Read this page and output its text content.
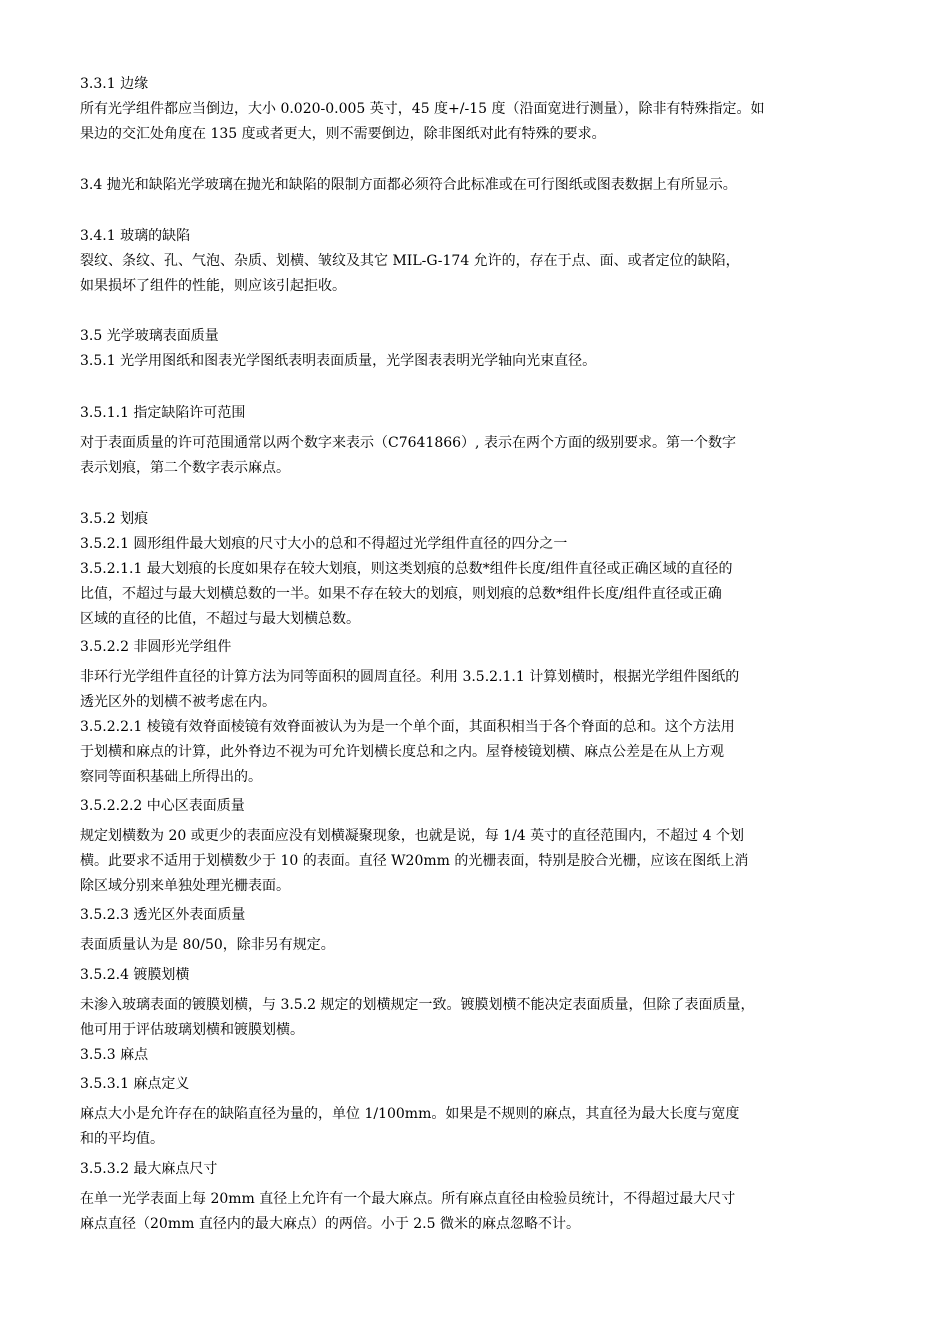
3.3.1 边缘
所有光学组件都应当倒边，大小 0.020-0.005 英寸，45 度+/-15 度（沿面宽进行测量），除非有特殊指定。如
果边的交汇处角度在 135 度或者更大，则不需要倒边，除非图纸对此有特殊的要求。
3.4 抛光和缺陷光学玻璃在抛光和缺陷的限制方面都必须符合此标准或在可行图纸或图表数据上有所显示。
3.4.1 玻璃的缺陷
裂纹、条纹、孔、气泡、杂质、划横、皱纹及其它 MIL-G-174 允许的，存在于点、面、或者定位的缺陷，
如果损坏了组件的性能，则应该引起拒收。
3.5 光学玻璃表面质量
3.5.1 光学用图纸和图表光学图纸表明表面质量，光学图表表明光学轴向光束直径。
3.5.1.1 指定缺陷许可范围
对于表面质量的许可范围通常以两个数字来表示（C7641866）, 表示在两个方面的级别要求。第一个数字
表示划痕，第二个数字表示麻点。
3.5.2 划痕
3.5.2.1 圆形组件最大划痕的尺寸大小的总和不得超过光学组件直径的四分之一
3.5.2.1.1 最大划痕的长度如果存在较大划痕，则这类划痕的总数*组件长度/组件直径或正确区域的直径的
比值，不超过与最大划横总数的一半。如果不存在较大的划痕，则划痕的总数*组件长度/组件直径或正确
区域的直径的比值，不超过与最大划横总数。
3.5.2.2 非圆形光学组件
非环行光学组件直径的计算方法为同等面积的圆周直径。利用 3.5.2.1.1 计算划横时，根据光学组件图纸的
透光区外的划横不被考虑在内。
3.5.2.2.1 棱镜有效脊面棱镜有效脊面被认为为是一个单个面，其面积相当于各个脊面的总和。这个方法用
于划横和麻点的计算，此外脊边不视为可允许划横长度总和之内。屋脊棱镜划横、麻点公差是在从上方观
察同等面积基础上所得出的。
3.5.2.2.2 中心区表面质量
规定划横数为 20 或更少的表面应没有划横凝聚现象，也就是说，每 1/4 英寸的直径范围内，不超过 4 个划
横。此要求不适用于划横数少于 10 的表面。直径 W20mm 的光栅表面，特别是胶合光栅，应该在图纸上消
除区域分别来单独处理光栅表面。
3.5.2.3 透光区外表面质量
表面质量认为是 80/50，除非另有规定。
3.5.2.4 镀膜划横
未渗入玻璃表面的镀膜划横，与 3.5.2 规定的划横规定一致。镀膜划横不能决定表面质量，但除了表面质量，
他可用于评估玻璃划横和镀膜划横。
3.5.3 麻点
3.5.3.1 麻点定义
麻点大小是允许存在的缺陷直径为量的，单位 1/100mm。如果是不规则的麻点，其直径为最大长度与宽度
和的平均值。
3.5.3.2 最大麻点尺寸
在单一光学表面上每 20mm 直径上允许有一个最大麻点。所有麻点直径由检验员统计，不得超过最大尺寸
麻点直径（20mm 直径内的最大麻点）的两倍。小于 2.5 微米的麻点忽略不计。
